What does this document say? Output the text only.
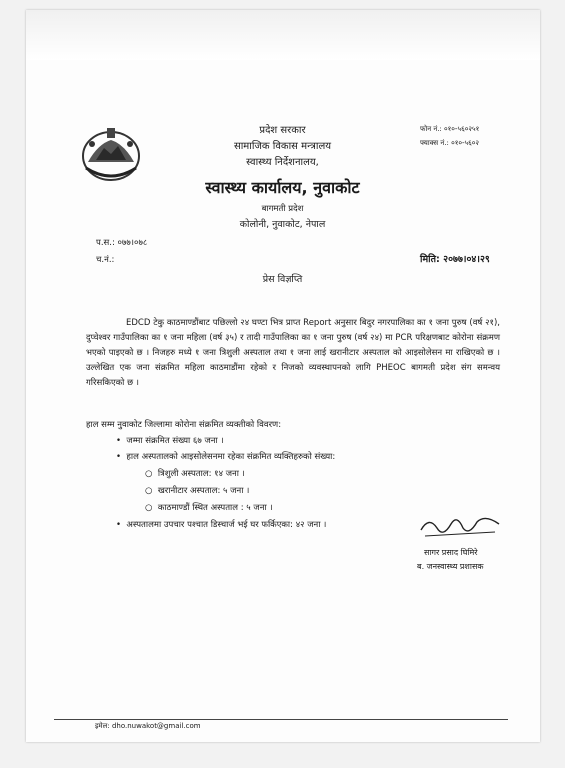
प्रदेश सरकार
सामाजिक विकास मन्त्रालय
स्वास्थ्य निर्देशनालय,
स्वास्थ्य कार्यालय, नुवाकोट
बागमती प्रदेश
कोलोनी, नुवाकोट, नेपाल
फोन नं.: ०१०-५६०२५१
फ्याक्स नं.: ०१०-५६०२
प.स.: ०७७।०७८
च.नं.:	मिति: २०७७।०४।२९
प्रेस विज्ञप्ति
EDCD टेकु काठमाण्डौंबाट पछिल्लो २४ घण्टा भित्र प्राप्त Report अनुसार बिदुर नगरपालिका का १ जना पुरुष (वर्ष २१), दुप्चेश्वर गाउँपालिका का १ जना महिला (वर्ष ३५) र तादी गाउँपालिका का १ जना पुरुष (वर्ष २४) मा PCR परिक्षणबाट कोरोना संक्रमण भएको पाइएको छ । निजहरु मध्ये १ जना त्रिशुली अस्पताल तथा १ जना लाई खरानीटार अस्पताल को आइसोलेसन मा राखिएको छ । उल्लेखित एक जना संक्रमित महिला काठमाडौंमा रहेको र निजको व्यवस्थापनको लागि PHEOC बागमती प्रदेश संग समन्वय गरिसकिएको छ ।
हाल सम्म नुवाकोट जिल्लामा कोरोना संक्रमित व्यक्तीको विवरण:
•  जम्मा संक्रमित संख्या ६७ जना ।
•  हाल अस्पतालको आइसोलेसनमा रहेका संक्रमित व्यक्तिहरुको संख्या:
○  त्रिशुली अस्पताल: १४ जना ।
○  खरानीटार अस्पताल: ५ जना ।
○  काठमाण्डौं स्थित अस्पताल : ५ जना ।
•  अस्पतालमा उपचार पश्चात डिस्चार्ज भई घर फर्किएका: ४२ जना ।
सागर प्रसाद घिमिरे
ब. जनस्वास्थ्य प्रशासक
इमेल: dho.nuwakot@gmail.com
